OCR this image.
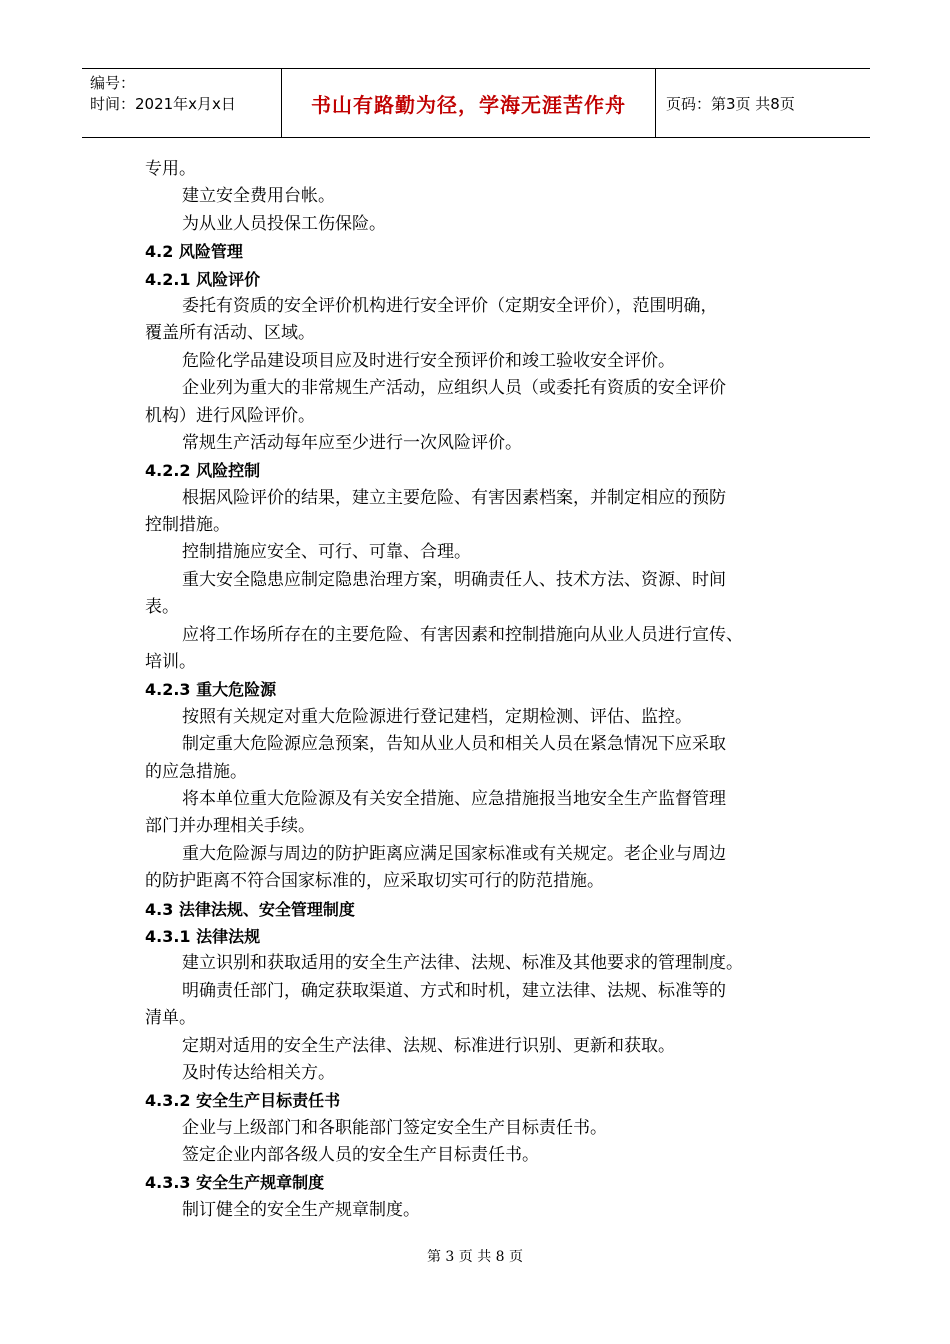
编号：
时间：2021年x月x日	书山有路勤为径，学海无涯苦作舟	页码：第3页 共8页
专用。
建立安全费用台帐。
为从业人员投保工伤保险。
4.2 风险管理
4.2.1 风险评价
委托有资质的安全评价机构进行安全评价（定期安全评价），范围明确，
覆盖所有活动、区域。
危险化学品建设项目应及时进行安全预评价和竣工验收安全评价。
企业列为重大的非常规生产活动，应组织人员（或委托有资质的安全评价
机构）进行风险评价。
常规生产活动每年应至少进行一次风险评价。
4.2.2 风险控制
根据风险评价的结果，建立主要危险、有害因素档案，并制定相应的预防
控制措施。
控制措施应安全、可行、可靠、合理。
重大安全隐患应制定隐患治理方案，明确责任人、技术方法、资源、时间
表。
应将工作场所存在的主要危险、有害因素和控制措施向从业人员进行宣传、
培训。
4.2.3 重大危险源
按照有关规定对重大危险源进行登记建档，定期检测、评估、监控。
制定重大危险源应急预案，告知从业人员和相关人员在紧急情况下应采取
的应急措施。
将本单位重大危险源及有关安全措施、应急措施报当地安全生产监督管理
部门并办理相关手续。
重大危险源与周边的防护距离应满足国家标准或有关规定。老企业与周边
的防护距离不符合国家标准的，应采取切实可行的防范措施。
4.3 法律法规、安全管理制度
4.3.1 法律法规
建立识别和获取适用的安全生产法律、法规、标准及其他要求的管理制度。
明确责任部门，确定获取渠道、方式和时机，建立法律、法规、标准等的
清单。
定期对适用的安全生产法律、法规、标准进行识别、更新和获取。
及时传达给相关方。
4.3.2 安全生产目标责任书
企业与上级部门和各职能部门签定安全生产目标责任书。
签定企业内部各级人员的安全生产目标责任书。
4.3.3 安全生产规章制度
制订健全的安全生产规章制度。
第 3 页 共 8 页
